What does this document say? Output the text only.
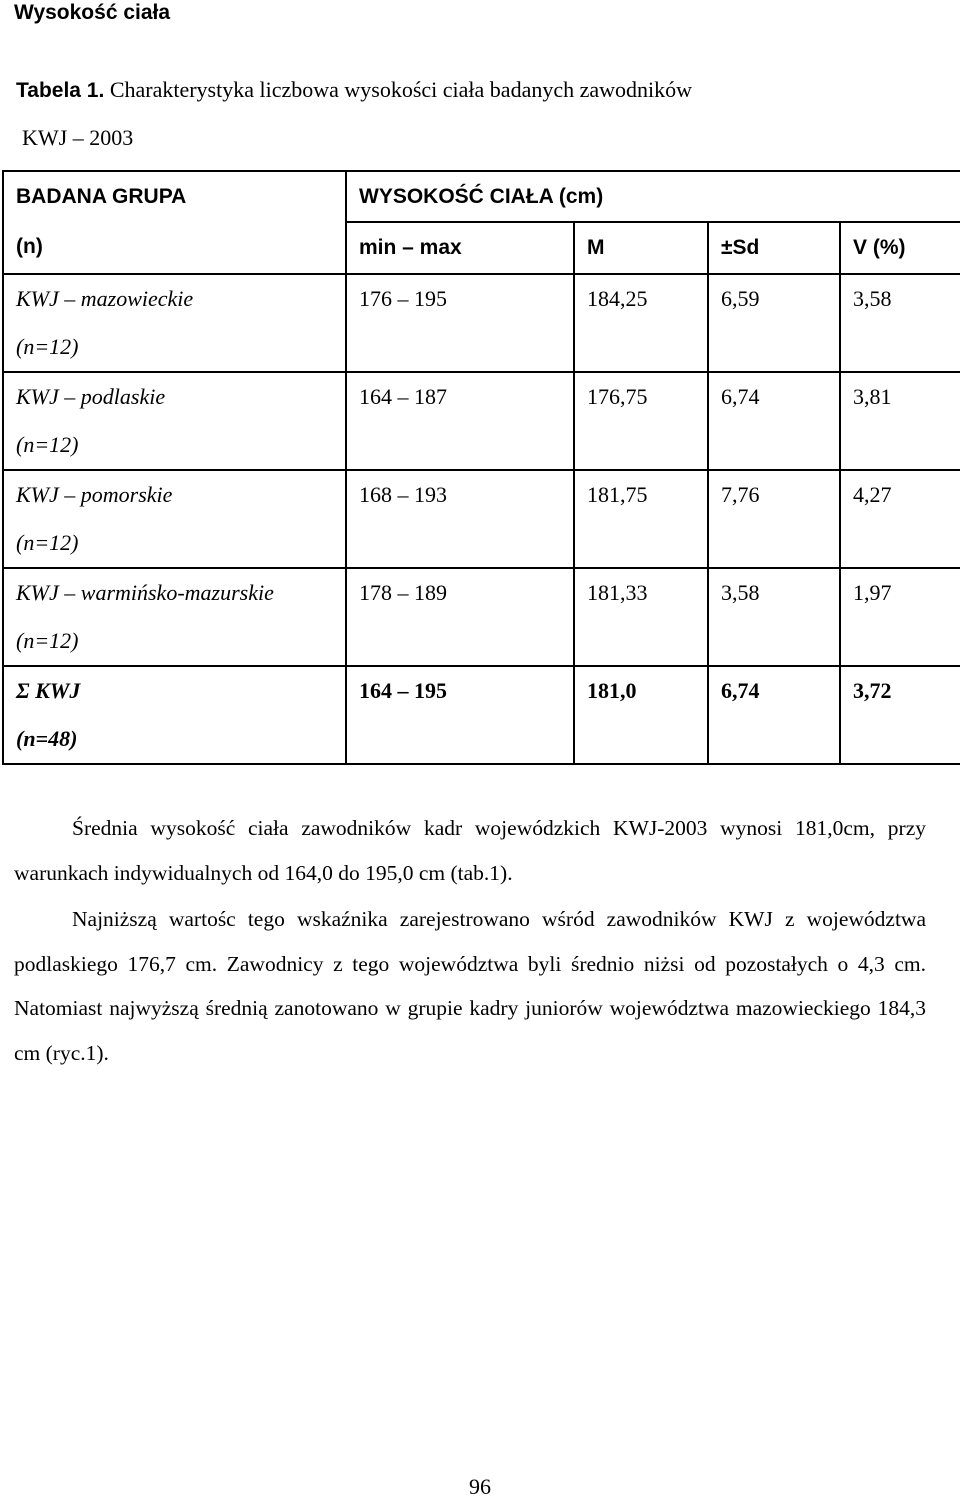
Wysokość ciała
Tabela 1. Charakterystyka liczbowa wysokości ciała badanych zawodników
KWJ – 2003
BADANA GRUPA	WYSOKOŚĆ CIAŁA (cm)			
(n)	min – max	M	±Sd	V (%)

KWJ – mazowieckie
(n=12)	176 – 195	184,25	6,59	3,58

KWJ – podlaskie
(n=12)	164 – 187	176,75	6,74	3,81

KWJ – pomorskie
(n=12)	168 – 193	181,75	7,76	4,27

KWJ – warmińsko-mazurskie
(n=12)	178 – 189	181,33	3,58	1,97

Σ KWJ
(n=48)	164 – 195	181,0	6,74	3,72

Średnia wysokość ciała zawodników kadr wojewódzkich KWJ-2003 wynosi 181,0cm, przy warunkach indywidualnych od 164,0 do 195,0 cm (tab.1).

Najniższą wartośc tego wskaźnika zarejestrowano wśród zawodników KWJ z województwa podlaskiego 176,7 cm. Zawodnicy z tego województwa byli średnio niżsi od pozostałych o 4,3 cm. Natomiast najwyższą średnią zanotowano w grupie kadry juniorów województwa mazowieckiego 184,3 cm (ryc.1).

96
